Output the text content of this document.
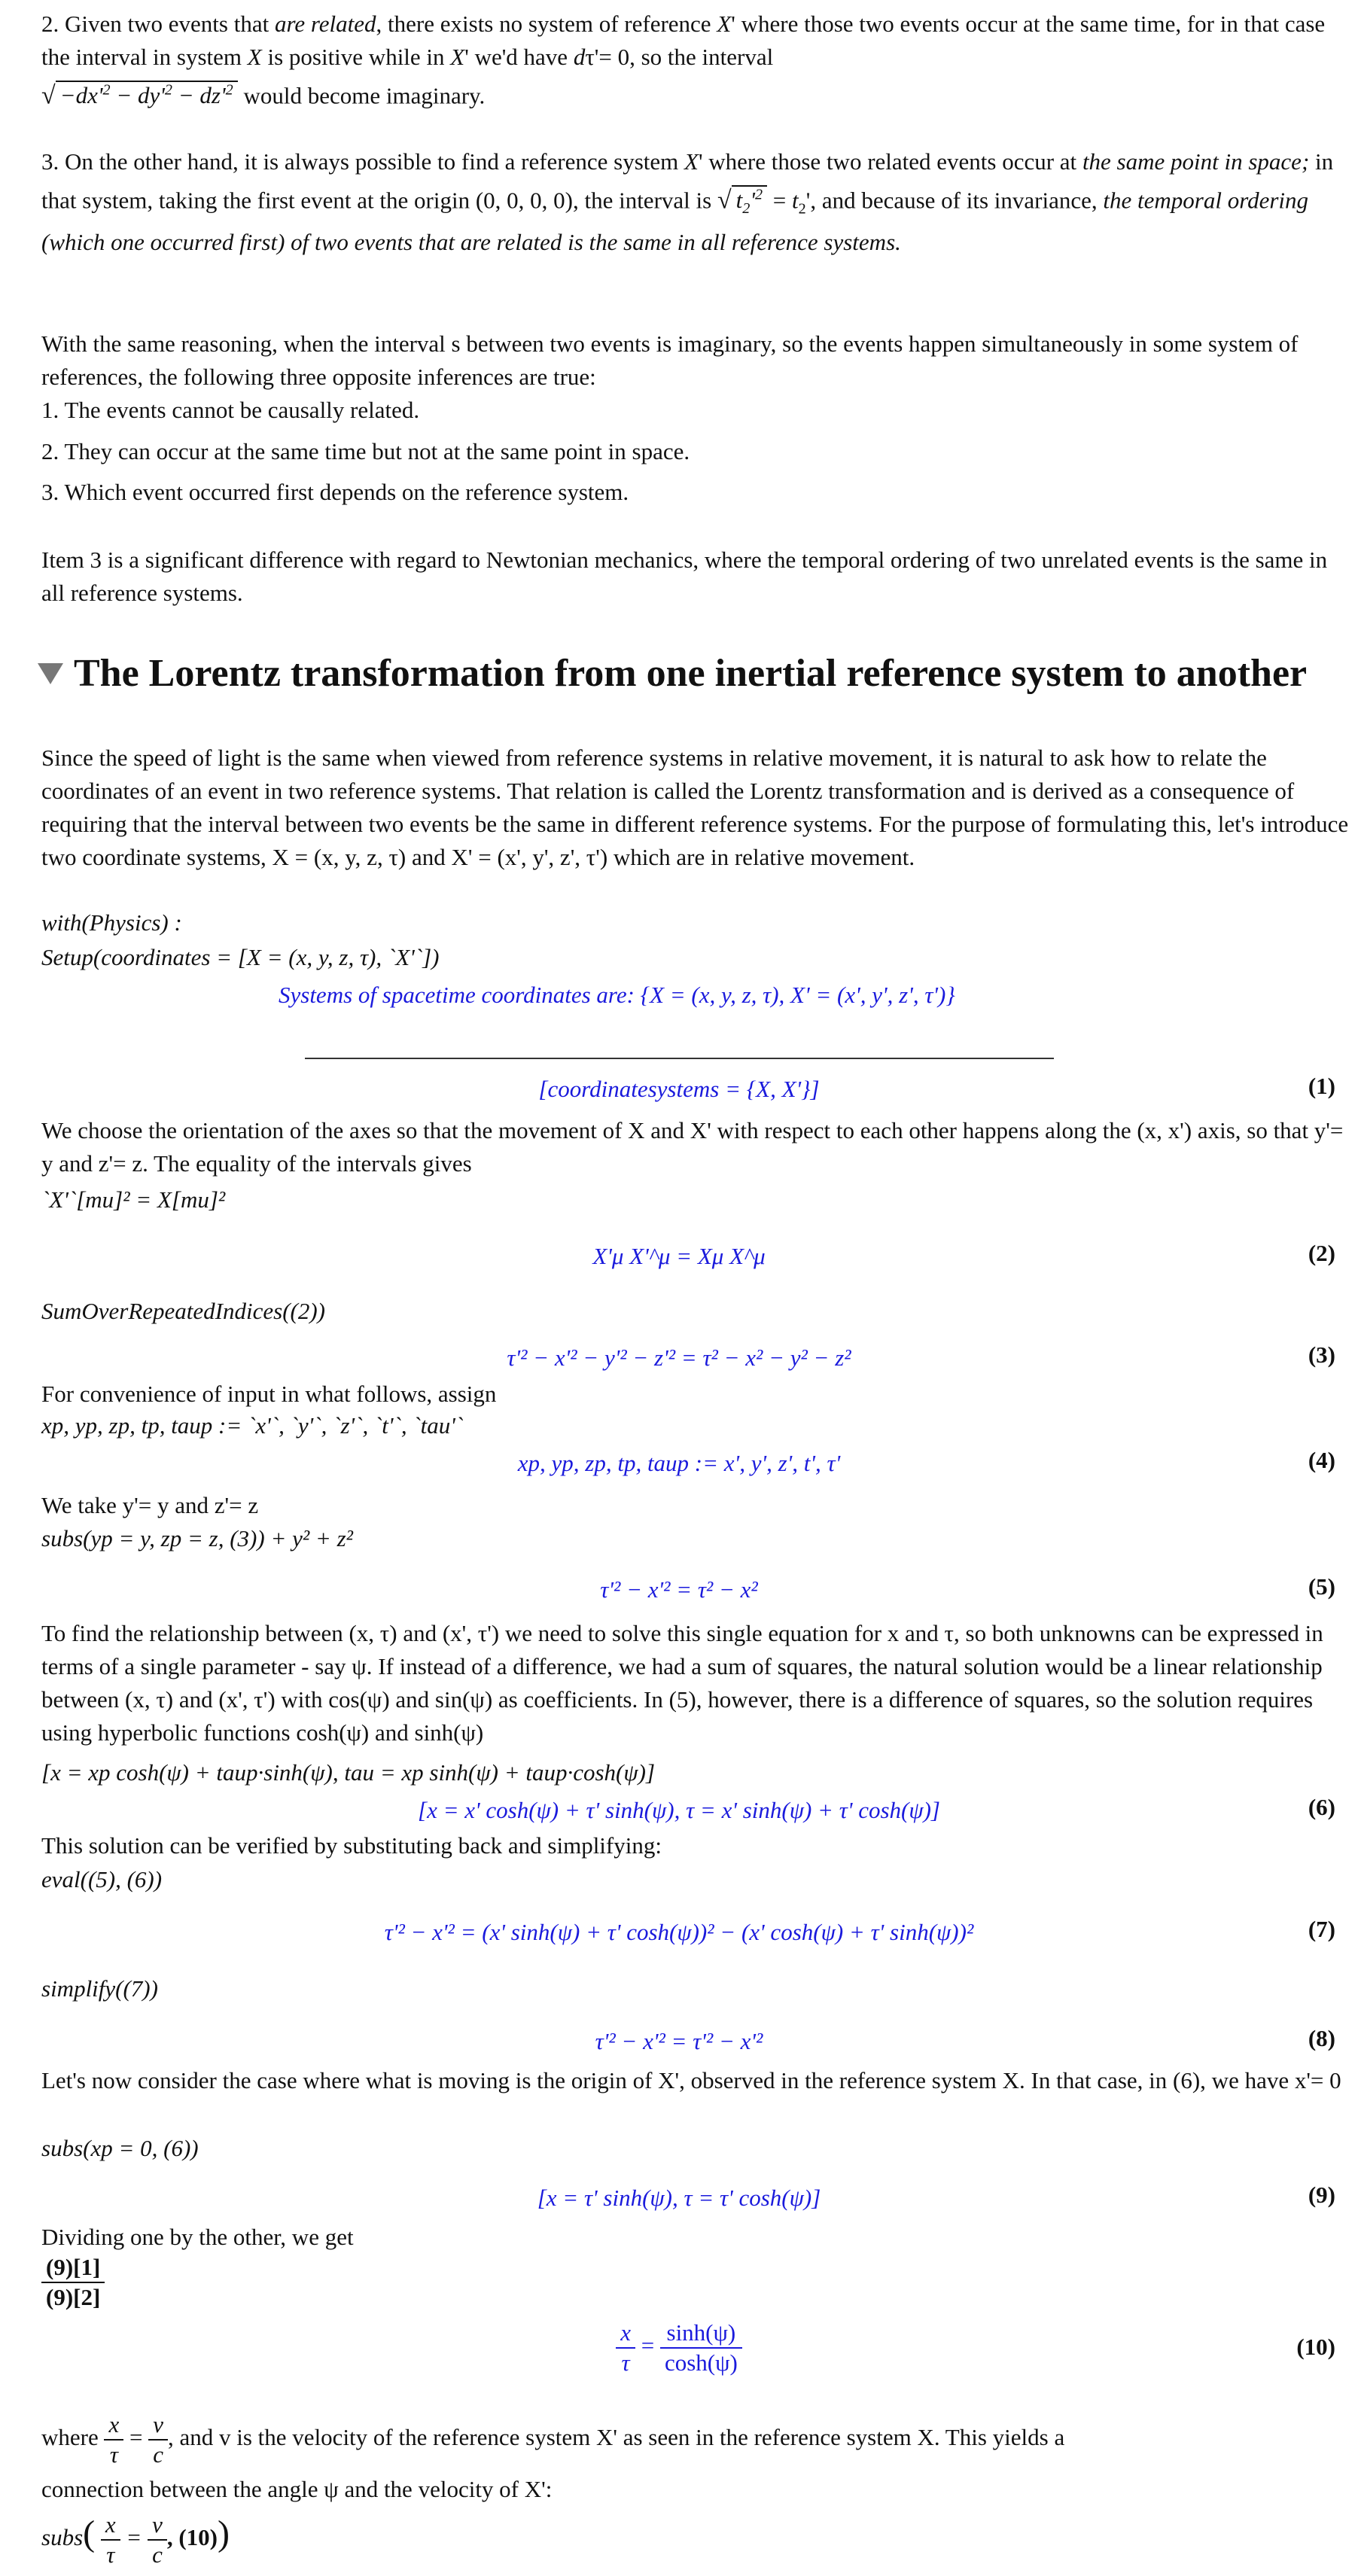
2. Given two events that are related, there exists no system of reference X' where those two events occur at the same time, for in that case the interval in system X is positive while in X' we'd have dτ'= 0, so the interval
√ $-dx'^2 - dy'^2 - dz'^2$ would become imaginary.
3. On the other hand, it is always possible to find a reference system X' where those two related events occur at the same point in space; in that system, taking the first event at the origin (0, 0, 0, 0), the interval is √ $t_2'^2 = t_2'$, and because of its invariance, the temporal ordering (which one occurred first) of two events that are related is the same in all reference systems.

With the same reasoning, when the interval s between two events is imaginary, so the events happen simultaneously in some system of references, the following three opposite inferences are true:

1. The events cannot be causally related.

2. They can occur at the same time but not at the same point in space.

3. Which event occurred first depends on the reference system.

Item 3 is a significant difference with regard to Newtonian mechanics, where the temporal ordering of two unrelated events is the same in all reference systems.

The Lorentz transformation from one inertial reference system to another

Since the speed of light is the same when viewed from reference systems in relative movement, it is natural to ask how to relate the coordinates of an event in two reference systems. That relation is called the Lorentz transformation and is derived as a consequence of requiring that the interval between two events be the same in different reference systems. For the purpose of formulating this, let's introduce two coordinate systems, X = (x, y, z, τ) and X' = (x', y', z', τ') which are in relative movement.

with(Physics) :
Setup(coordinates = [X = (x, y, z, τ), `X'`])
Systems of spacetime coordinates are: {X = (x, y, z, τ), X' = (x', y', z', τ')}
[coordinatesystems = {X, X'}]	(1)

We choose the orientation of the axes so that the movement of X and X' with respect to each other happens along the (x, x') axis, so that y'= y and z'= z. The equality of the intervals gives

`X'`[mu]² = X[mu]²
X'μ X'^μ = Xμ X^μ	(2)
SumOverRepeatedIndices((2))
τ'² − x'² − y'² − z'² = τ² − x² − y² − z²	(3)

For convenience of input in what follows, assign

xp, yp, zp, tp, taup := `x'`, `y'`, `z'`, `t'`, `tau'`
xp, yp, zp, tp, taup := x', y', z', t', τ'	(4)

We take y'= y and z'= z

subs(yp = y, zp = z, (3)) + y² + z²
τ'² − x'² = τ² − x²	(5)

To find the relationship between (x, τ) and (x', τ') we need to solve this single equation for x and τ, so both unknowns can be expressed in terms of a single parameter - say ψ. If instead of a difference, we had a sum of squares, the natural solution would be a linear relationship between (x, τ) and (x', τ') with cos(ψ) and sin(ψ) as coefficients. In (5), however, there is a difference of squares, so the solution requires using hyperbolic functions cosh(ψ) and sinh(ψ)

[x = xp cosh(ψ) + taup·sinh(ψ), tau = xp sinh(ψ) + taup·cosh(ψ)]
[x = x' cosh(ψ) + τ' sinh(ψ), τ = x' sinh(ψ) + τ' cosh(ψ)]	(6)

This solution can be verified by substituting back and simplifying:

eval((5), (6))
τ'² − x'² = (x' sinh(ψ) + τ' cosh(ψ))² − (x' cosh(ψ) + τ' sinh(ψ))²	(7)
simplify((7))
τ'² − x'² = τ'² − x'²	(8)

Let's now consider the case where what is moving is the origin of X', observed in the reference system X. In that case, in (6), we have x'= 0

subs(xp = 0, (6))
[x = τ' sinh(ψ), τ = τ' cosh(ψ)]	(9)

Dividing one by the other, we get

$\frac{(9)[1]}{(9)[2]}$
$\frac{x}{\tau} = \frac{\sinh(\psi)}{\cosh(\psi)}$	(10)
where $\frac{x}{\tau} = \frac{v}{c}$ , and v is the velocity of the reference system X' as seen in the reference system X. This yields a

connection between the angle ψ and the velocity of X':

subs( $\frac{x}{\tau} = \frac{v}{c}$ , (10))
